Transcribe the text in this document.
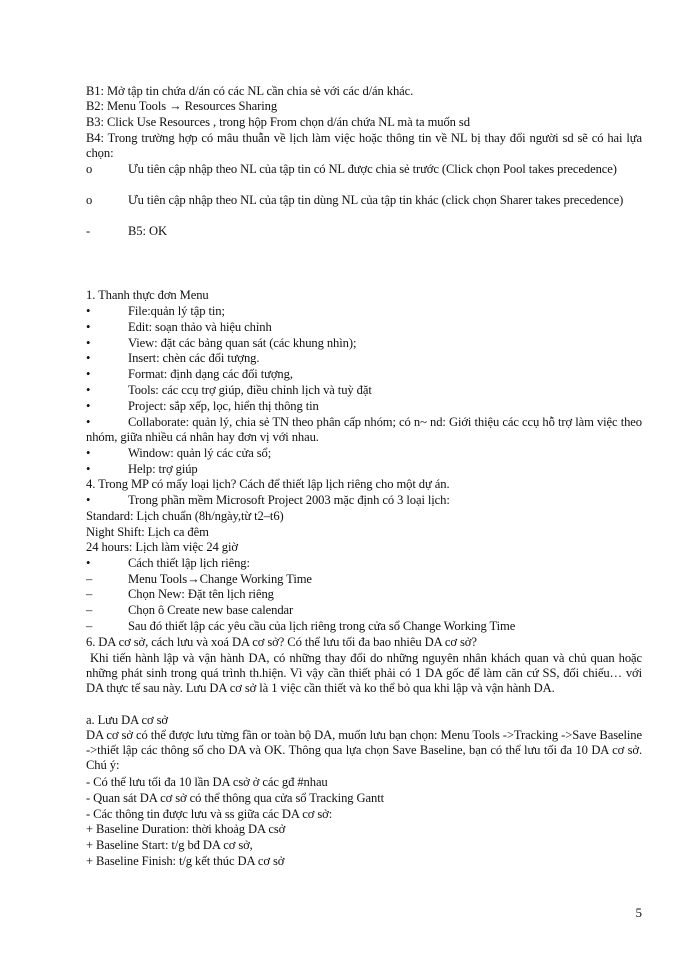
B1: Mở tập tin chứa d/án có các NL cần chia sẻ với các d/án khác.
B2: Menu Tools → Resources Sharing
B3: Click Use Resources , trong hộp From chọn d/án chứa NL mà ta muốn sd
B4: Trong trường hợp có mâu thuẫn về lịch làm việc hoặc thông tin về NL bị thay đổi người sd sẽ có hai lựa chọn:
o	Ưu tiên cập nhập theo NL của tập tin có NL được chia sẻ trước (Click chọn Pool takes precedence)
o	Ưu tiên cập nhập theo NL của tập tin dùng NL của tập tin khác (click chọn Sharer takes precedence)
-	B5: OK
1. Thanh thực đơn Menu
•	File:quản lý tập tin;
•	Edit: soạn thảo và hiệu chỉnh
•	View: đặt các bảng quan sát (các khung nhìn);
•	Insert: chèn các đối tượng.
•	Format: định dạng các đối tượng,
•	Tools: các ccụ trợ giúp, điều chỉnh lịch và tuỳ đặt
•	Project: sắp xếp, lọc, hiển thị thông tin
•	Collaborate: quản lý, chia sẻ TN theo phân cấp nhóm; có n~ nd: Giới thiệu các ccụ hỗ trợ làm việc theo nhóm, giữa nhiều cá nhân hay đơn vị với nhau.
•	Window: quản lý các cửa sổ;
•	Help: trợ giúp
4. Trong MP có mấy loại lịch? Cách để thiết lập lịch riêng cho một dự án.
•	Trong phần mềm Microsoft Project 2003 mặc định có 3 loại lịch:
Standard: Lịch chuẩn (8h/ngày,từ t2–t6)
Night Shift: Lịch ca đêm
24 hours: Lịch làm việc 24 giờ
•	Cách thiết lập lịch riêng:
–	Menu Tools→Change Working Time
–	Chọn New: Đặt tên lịch riêng
–	Chọn ô Create new base calendar
–	Sau đó thiết lập các yêu cầu của lịch riêng trong cửa sổ Change Working Time
6. DA cơ sở, cách lưu và xoá DA cơ sở? Có thể lưu tối đa bao nhiêu DA cơ sở?
Khi tiến hành lập và vận hành DA, có những thay đổi do những nguyên nhân khách quan và chủ quan hoặc những phát sinh trong quá trình th.hiện. Vì vậy cần thiết phải có 1 DA gốc để làm căn cứ SS, đối chiếu… với DA thực tế sau này. Lưu DA cơ sở là 1 việc cần thiết và ko thể bỏ qua khi lập và vận hành DA.
a. Lưu DA cơ sở
DA cơ sở có thể được lưu từng fần or toàn bộ DA, muốn lưu bạn chọn: Menu Tools ->Tracking ->Save Baseline ->thiết lập các thông số cho DA và OK. Thông qua lựa chọn Save Baseline, bạn có thể lưu tối đa 10 DA cơ sở. Chú ý:
- Có thể lưu tối đa 10 lần DA csở ở các gđ #nhau
- Quan sát DA cơ sở có thể thông qua cửa sổ Tracking Gantt
- Các thông tin được lưu và ss giữa các DA cơ sở:
+ Baseline Duration: thời khoảg DA csở
+ Baseline Start: t/g bđ DA cơ sở,
+ Baseline Finish: t/g kết thúc DA cơ sở
5
